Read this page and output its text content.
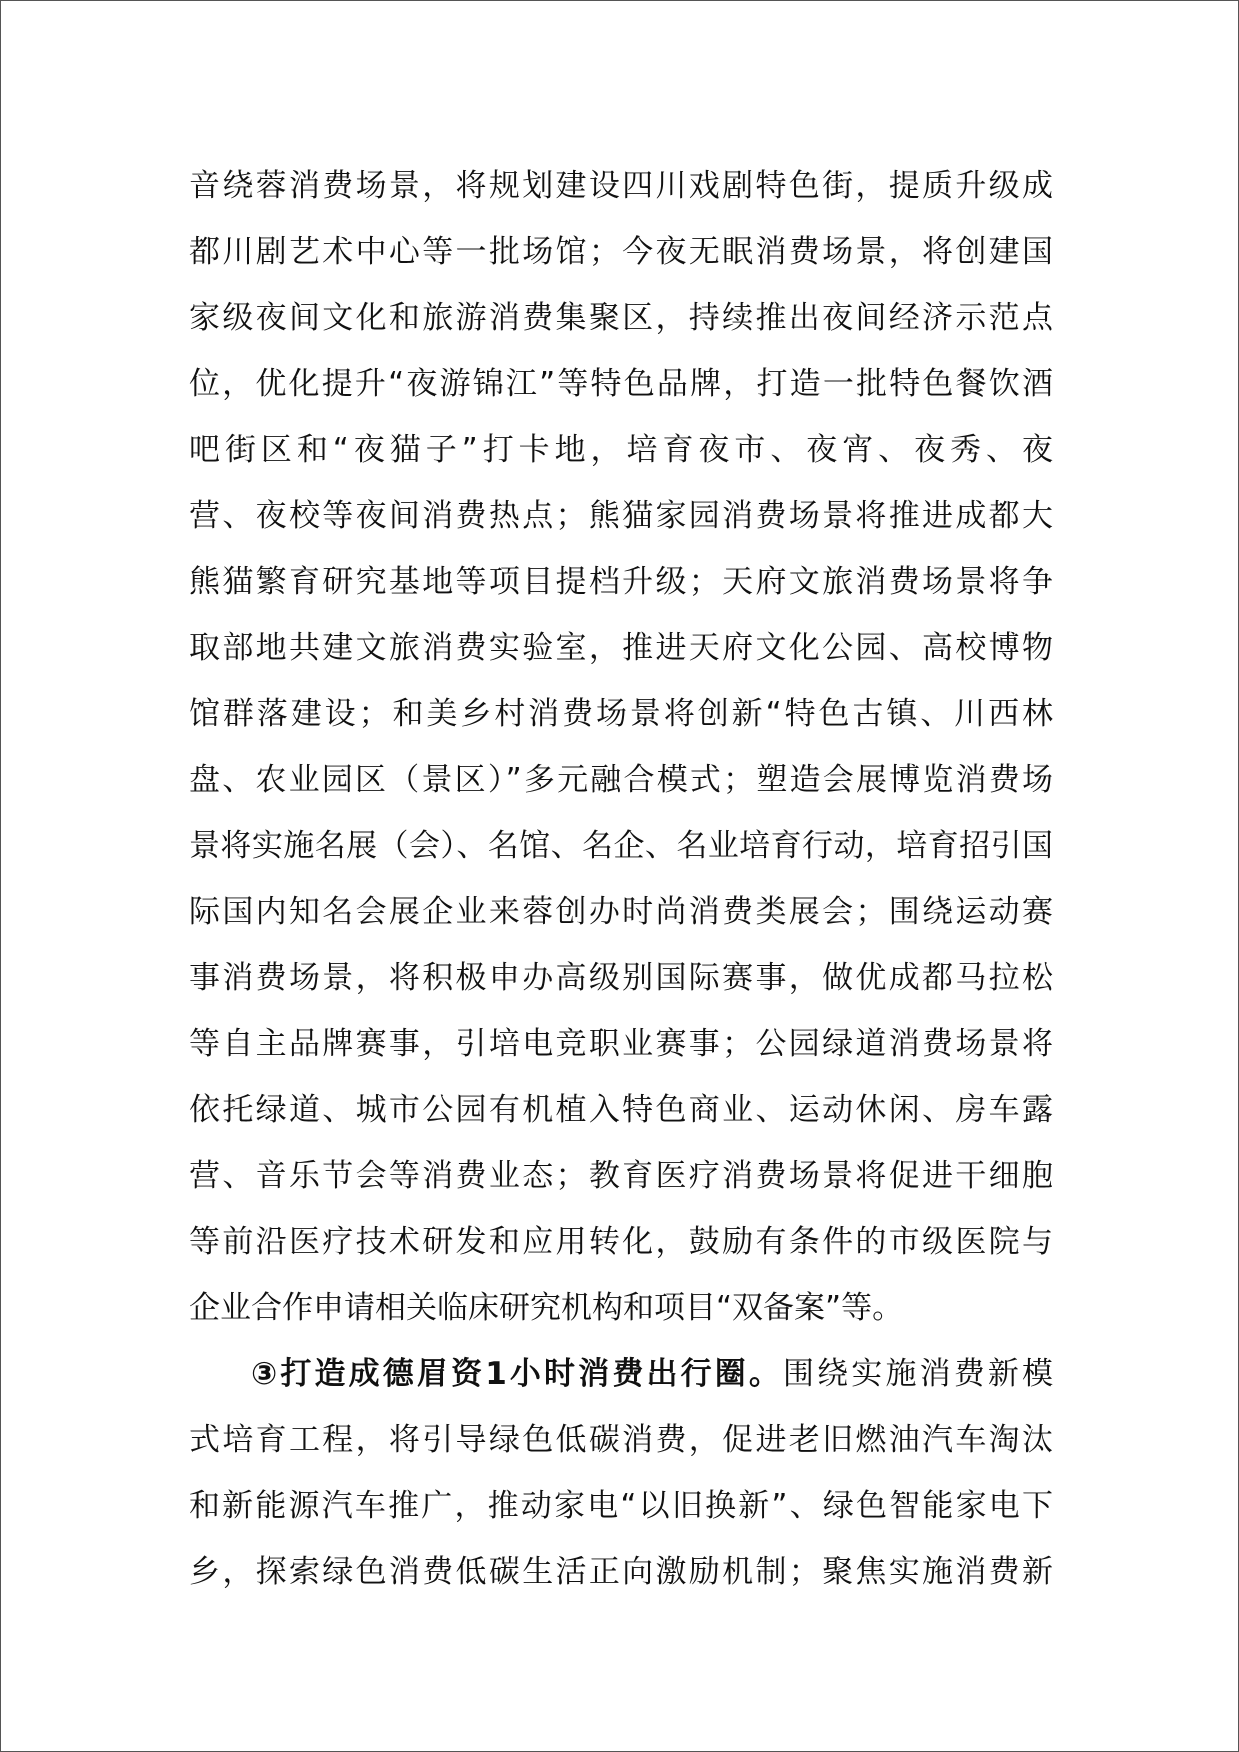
音绕蓉消费场景，将规划建设四川戏剧特色街，提质升级成
都川剧艺术中心等一批场馆；今夜无眠消费场景，将创建国
家级夜间文化和旅游消费集聚区，持续推出夜间经济示范点
位，优化提升“夜游锦江”等特色品牌，打造一批特色餐饮酒
吧街区和“夜猫子”打卡地，培育夜市、夜宵、夜秀、夜
营、夜校等夜间消费热点；熊猫家园消费场景将推进成都大
熊猫繁育研究基地等项目提档升级；天府文旅消费场景将争
取部地共建文旅消费实验室，推进天府文化公园、高校博物
馆群落建设；和美乡村消费场景将创新“特色古镇、川西林
盘、农业园区（景区）”多元融合模式；塑造会展博览消费场
景将实施名展（会）、名馆、名企、名业培育行动，培育招引国
际国内知名会展企业来蓉创办时尚消费类展会；围绕运动赛
事消费场景，将积极申办高级别国际赛事，做优成都马拉松
等自主品牌赛事，引培电竞职业赛事；公园绿道消费场景将
依托绿道、城市公园有机植入特色商业、运动休闲、房车露
营、音乐节会等消费业态；教育医疗消费场景将促进干细胞
等前沿医疗技术研发和应用转化，鼓励有条件的市级医院与
企业合作申请相关临床研究机构和项目“双备案”等。
③打造成德眉资1小时消费出行圈。围绕实施消费新模
式培育工程，将引导绿色低碳消费，促进老旧燃油汽车淘汰
和新能源汽车推广，推动家电“以旧换新”、绿色智能家电下
乡，探索绿色消费低碳生活正向激励机制；聚焦实施消费新
